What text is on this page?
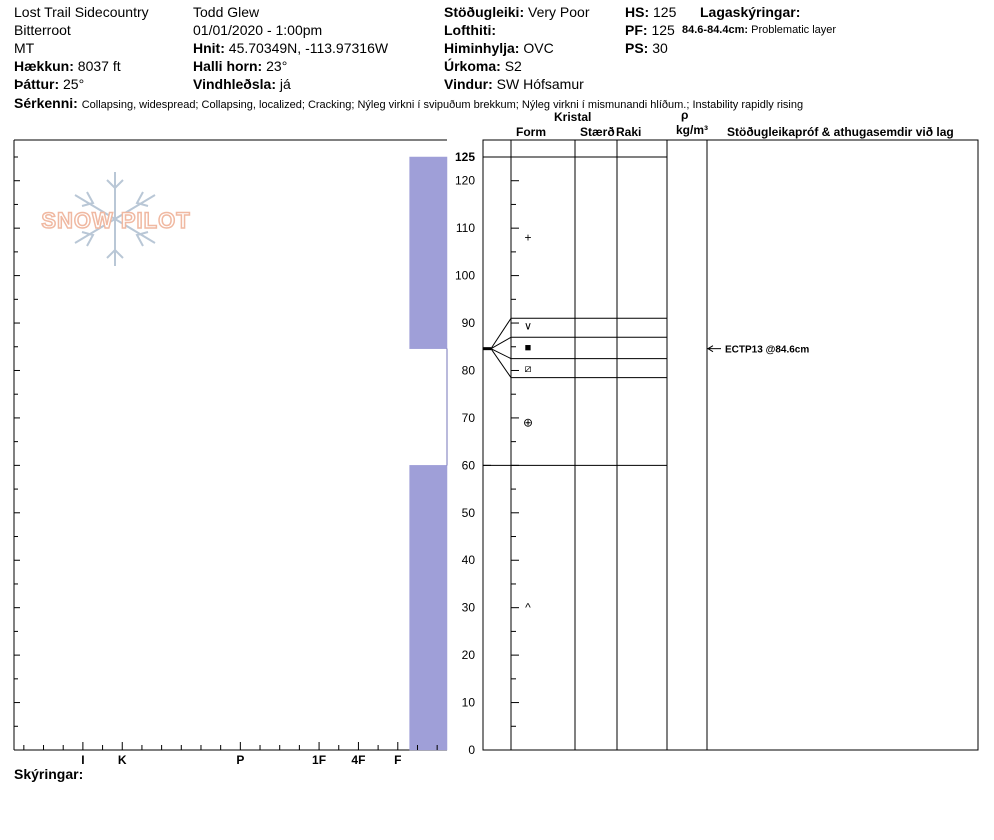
Lost Trail Sidecountry
Bitterroot
MT
Hækkun: 8037 ft
Þáttur: 25°
Todd Glew
01/01/2020 - 1:00pm
Hnit: 45.70349N, -113.97316W
Halli horn: 23°
Vindhleðsla: já
Stöðugleiki: Very Poor
Lofthiti:
Himinhylja: OVC
Úrkoma: S2
Vindur: SW Hófsamur
HS: 125
PF: 125
PS: 30
Lagaskýringar:
84.6-84.4cm: Problematic layer
Sérkenni: Collapsing, widespread; Collapsing, localized; Cracking; Nýleg virkni í svipuðum brekkum; Nýleg virkni í mismunandi hlíðum.; Instability rapidly rising
Skýringar:
Kristal
Form	Stærð Raki
ρ
kg/m³ Stöðugleikapróf & athugasemdir við lag
SNOW PILOT
I	K	P	1F 4F F
0
10
20
30
40
50
60
70
80
90
100
110
120
125
+
⊕
^
∨
■
⧄
ECTP13 @84.6cm
